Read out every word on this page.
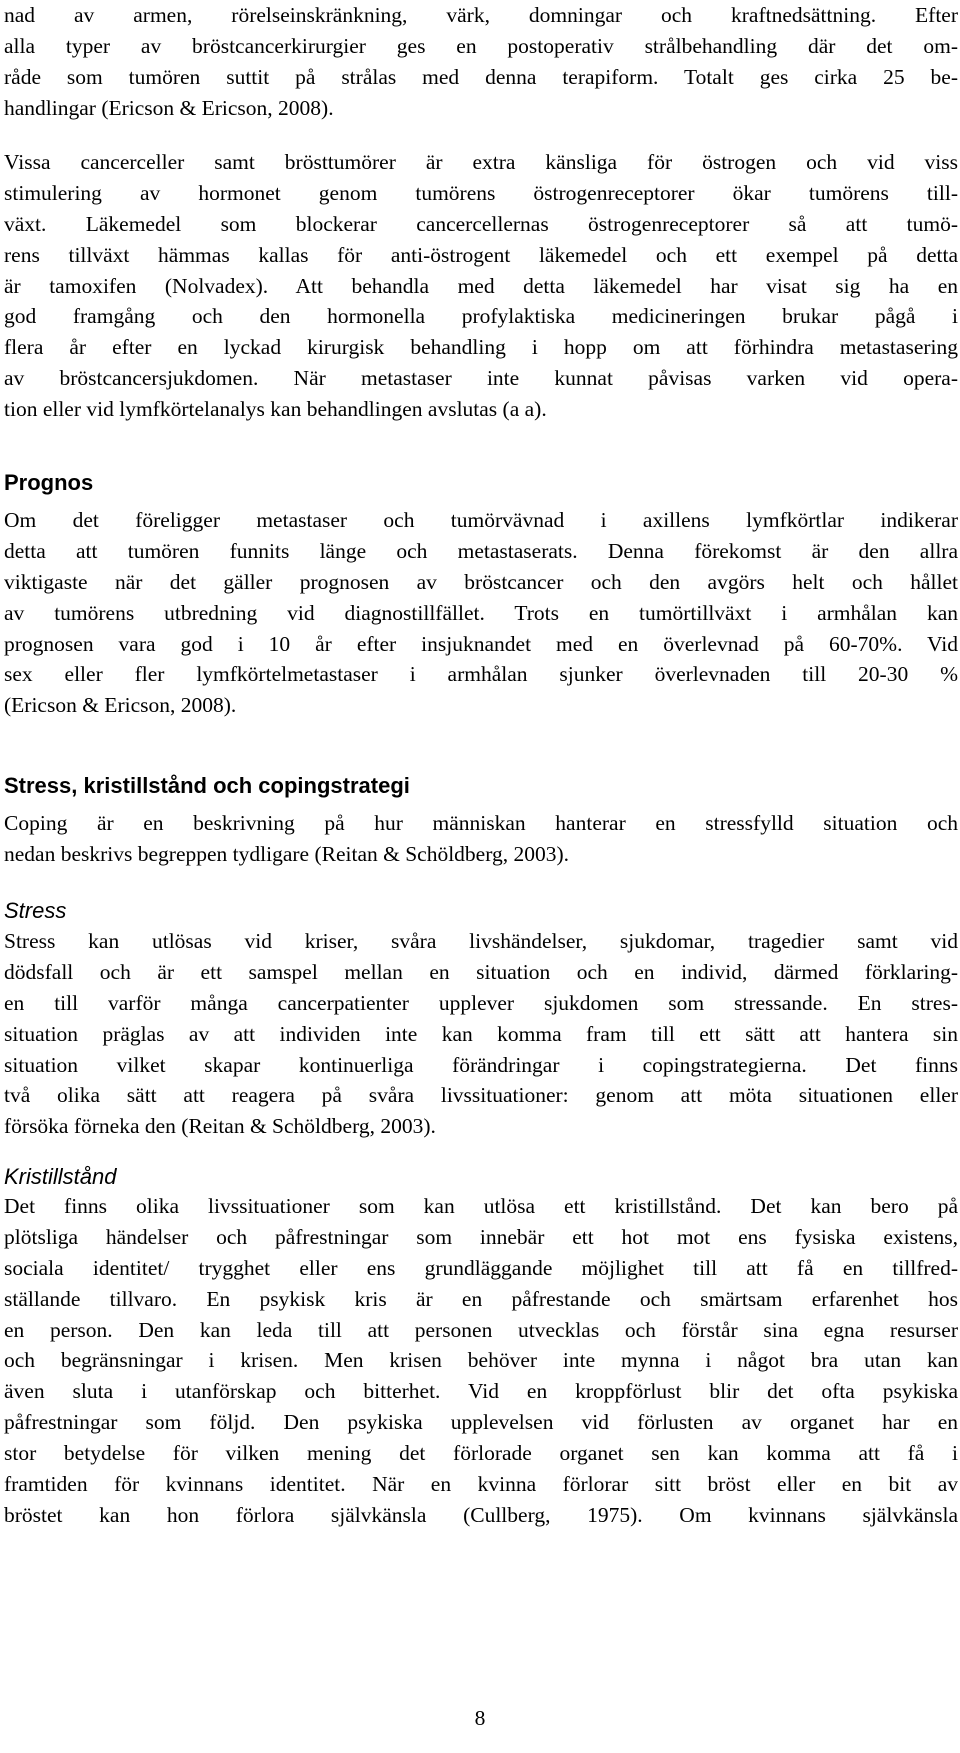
nad av armen, rörelseinskränkning, värk, domningar och kraftnedsättning. Efter
alla typer av bröstcancerkirurgier ges en postoperativ strålbehandling där det om-
råde som tumören suttit på strålas med denna terapiform. Totalt ges cirka 25 be-
handlingar (Ericson & Ericson, 2008).
Vissa cancerceller samt brösttumörer är extra känsliga för östrogen och vid viss
stimulering av hormonet genom tumörens östrogenreceptorer ökar tumörens till-
växt. Läkemedel som blockerar cancercellernas östrogenreceptorer så att tumö-
rens tillväxt hämmas kallas för anti-östrogent läkemedel och ett exempel på detta
är tamoxifen (Nolvadex). Att behandla med detta läkemedel har visat sig ha en
god framgång och den hormonella profylaktiska medicineringen brukar pågå i
flera år efter en lyckad kirurgisk behandling i hopp om att förhindra metastasering
av bröstcancersjukdomen. När metastaser inte kunnat påvisas varken vid opera-
tion eller vid lymfkörtelanalys kan behandlingen avslutas (a a).
Prognos
Om det föreligger metastaser och tumörvävnad i axillens lymfkörtlar indikerar
detta att tumören funnits länge och metastaserats. Denna förekomst är den allra
viktigaste när det gäller prognosen av bröstcancer och den avgörs helt och hållet
av tumörens utbredning vid diagnostillfället. Trots en tumörtillväxt i armhålan kan
prognosen vara god i 10 år efter insjuknandet med en överlevnad på 60-70%. Vid
sex eller fler lymfkörtelmetastaser i armhålan sjunker överlevnaden till 20-30 %
(Ericson & Ericson, 2008).
Stress, kristillstånd och copingstrategi
Coping är en beskrivning på hur människan hanterar en stressfylld situation och
nedan beskrivs begreppen tydligare (Reitan & Schöldberg, 2003).
Stress
Stress kan utlösas vid kriser, svåra livshändelser, sjukdomar, tragedier samt vid
dödsfall och är ett samspel mellan en situation och en individ, därmed förklaring-
en till varför många cancerpatienter upplever sjukdomen som stressande. En stres-
situation präglas av att individen inte kan komma fram till ett sätt att hantera sin
situation vilket skapar kontinuerliga förändringar i copingstrategierna. Det finns
två olika sätt att reagera på svåra livssituationer: genom att möta situationen eller
försöka förneka den (Reitan & Schöldberg, 2003).
Kristillstånd
Det finns olika livssituationer som kan utlösa ett kristillstånd. Det kan bero på
plötsliga händelser och påfrestningar som innebär ett hot mot ens fysiska existens,
sociala identitet/ trygghet eller ens grundläggande möjlighet till att få en tillfred-
ställande tillvaro. En psykisk kris är en påfrestande och smärtsam erfarenhet hos
en person. Den kan leda till att personen utvecklas och förstår sina egna resurser
och begränsningar i krisen. Men krisen behöver inte mynna i något bra utan kan
även sluta i utanförskap och bitterhet. Vid en kroppförlust blir det ofta psykiska
påfrestningar som följd. Den psykiska upplevelsen vid förlusten av organet har en
stor betydelse för vilken mening det förlorade organet sen kan komma att få i
framtiden för kvinnans identitet. När en kvinna förlorar sitt bröst eller en bit av
bröstet kan hon förlora självkänsla (Cullberg, 1975). Om kvinnans självkänsla
8
